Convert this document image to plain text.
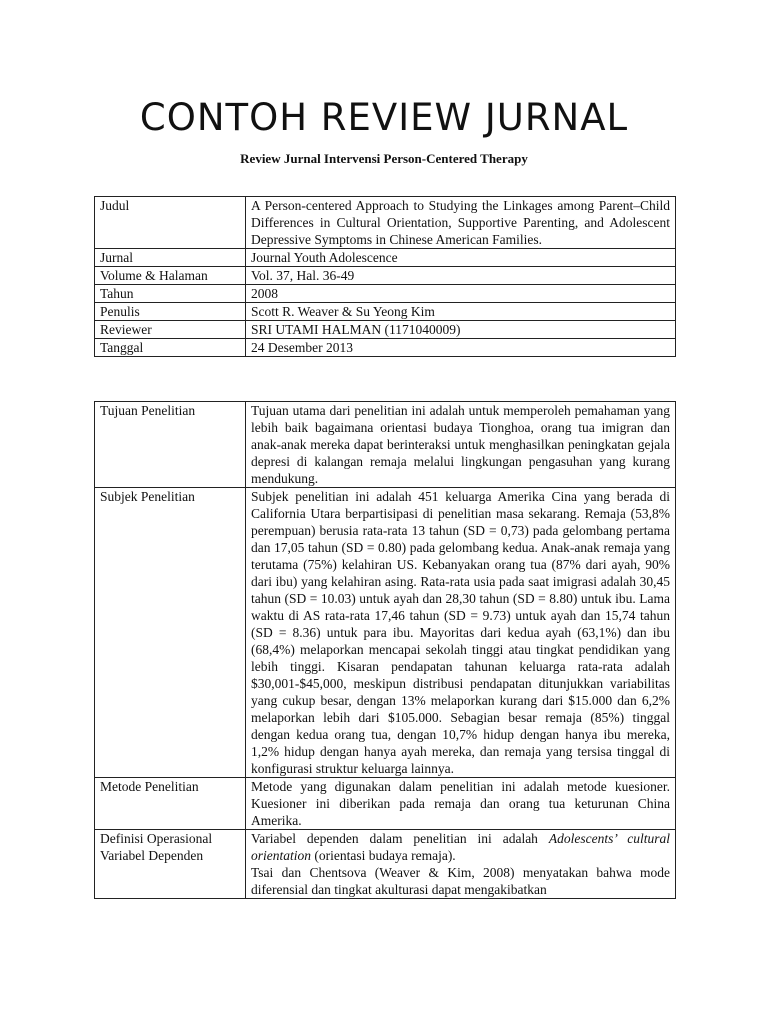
CONTOH REVIEW JURNAL
Review Jurnal Intervensi Person-Centered Therapy
Judul	A Person-centered Approach to Studying the Linkages among Parent–Child Differences in Cultural Orientation, Supportive Parenting, and Adolescent Depressive Symptoms in Chinese American Families.
Jurnal	Journal Youth Adolescence
Volume & Halaman	Vol. 37, Hal. 36-49
Tahun	2008
Penulis	Scott R. Weaver & Su Yeong Kim
Reviewer	SRI UTAMI HALMAN (1171040009)
Tanggal	24 Desember 2013
Tujuan Penelitian	Tujuan utama dari penelitian ini adalah untuk memperoleh pemahaman yang lebih baik bagaimana orientasi budaya Tionghoa, orang tua imigran dan anak-anak mereka dapat berinteraksi untuk menghasilkan peningkatan gejala depresi di kalangan remaja melalui lingkungan pengasuhan yang kurang mendukung.
Subjek Penelitian	Subjek penelitian ini adalah 451 keluarga Amerika Cina yang berada di California Utara berpartisipasi di penelitian masa sekarang. Remaja (53,8% perempuan) berusia rata-rata 13 tahun (SD = 0,73) pada gelombang pertama dan 17,05 tahun (SD = 0.80) pada gelombang kedua. Anak-anak remaja yang terutama (75%) kelahiran US. Kebanyakan orang tua (87% dari ayah, 90% dari ibu) yang kelahiran asing. Rata-rata usia pada saat imigrasi adalah 30,45 tahun (SD = 10.03) untuk ayah dan 28,30 tahun (SD = 8.80) untuk ibu. Lama waktu di AS rata-rata 17,46 tahun (SD = 9.73) untuk ayah dan 15,74 tahun (SD = 8.36) untuk para ibu. Mayoritas dari kedua ayah (63,1%) dan ibu (68,4%) melaporkan mencapai sekolah tinggi atau tingkat pendidikan yang lebih tinggi. Kisaran pendapatan tahunan keluarga rata-rata adalah $30,001-$45,000, meskipun distribusi pendapatan ditunjukkan variabilitas yang cukup besar, dengan 13% melaporkan kurang dari $15.000 dan 6,2% melaporkan lebih dari $105.000. Sebagian besar remaja (85%) tinggal dengan kedua orang tua, dengan 10,7% hidup dengan hanya ibu mereka, 1,2% hidup dengan hanya ayah mereka, dan remaja yang tersisa tinggal di konfigurasi struktur keluarga lainnya.
Metode Penelitian	Metode yang digunakan dalam penelitian ini adalah metode kuesioner. Kuesioner ini diberikan pada remaja dan orang tua keturunan China Amerika.
Definisi Operasional Variabel Dependen	Variabel dependen dalam penelitian ini adalah Adolescents’ cultural orientation (orientasi budaya remaja).

Tsai dan Chentsova (Weaver & Kim, 2008) menyatakan bahwa mode diferensial dan tingkat akulturasi dapat mengakibatkan
